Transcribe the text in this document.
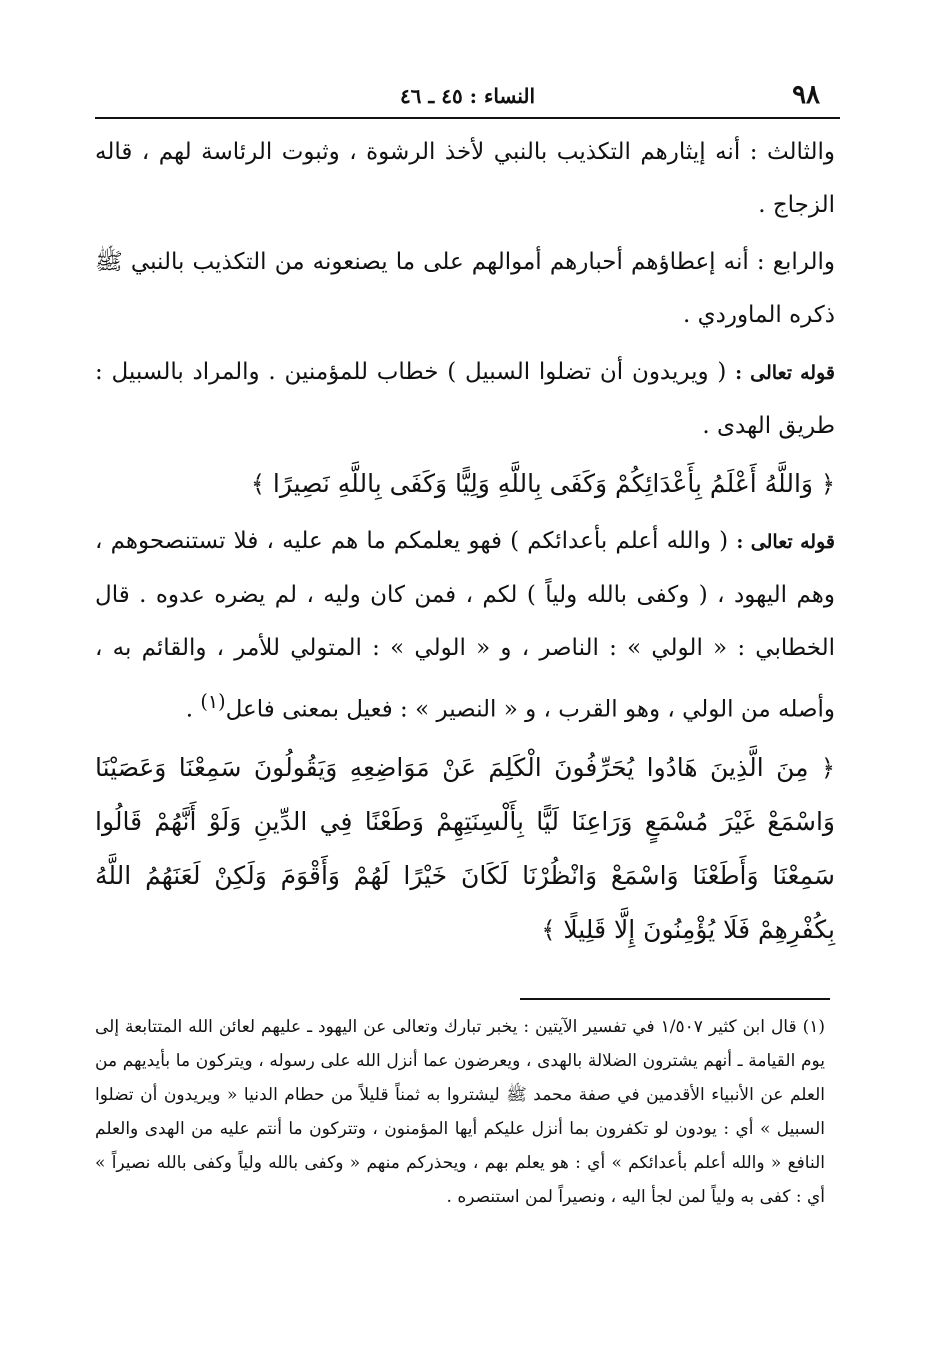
٩٨
النساء : ٤٥ ـ ٤٦

والثالث : أنه إيثارهم التكذيب بالنبي لأخذ الرشوة ، وثبوت الرئاسة لهم ، قاله الزجاج .

والرابع : أنه إعطاؤهم أحبارهم أموالهم على ما يصنعونه من التكذيب بالنبي ﷺ ذكره الماوردي .

قوله تعالى : ( ويريدون أن تضلوا السبيل ) خطاب للمؤمنين . والمراد بالسبيل : طريق الهدى .

﴿ وَاللَّهُ أَعْلَمُ بِأَعْدَائِكُمْ وَكَفَى بِاللَّهِ وَلِيًّا وَكَفَى بِاللَّهِ نَصِيرًا ﴾

قوله تعالى : ( والله أعلم بأعدائكم ) فهو يعلمكم ما هم عليه ، فلا تستنصحوهم ، وهم اليهود ، ( وكفى بالله ولياً ) لكم ، فمن كان وليه ، لم يضره عدوه . قال الخطابي : « الولي » : الناصر ، و « الولي » : المتولي للأمر ، والقائم به ، وأصله من الولي ، وهو القرب ، و « النصير » : فعيل بمعنى فاعل$^{(١)}$ .

﴿ مِنَ الَّذِينَ هَادُوا يُحَرِّفُونَ الْكَلِمَ عَنْ مَوَاضِعِهِ وَيَقُولُونَ سَمِعْنَا وَعَصَيْنَا وَاسْمَعْ غَيْرَ مُسْمَعٍ وَرَاعِنَا لَيًّا بِأَلْسِنَتِهِمْ وَطَعْنًا فِي الدِّينِ وَلَوْ أَنَّهُمْ قَالُوا سَمِعْنَا وَأَطَعْنَا وَاسْمَعْ وَانْظُرْنَا لَكَانَ خَيْرًا لَهُمْ وَأَقْوَمَ وَلَكِنْ لَعَنَهُمُ اللَّهُ بِكُفْرِهِمْ فَلَا يُؤْمِنُونَ إِلَّا قَلِيلًا ﴾

(١) قال ابن كثير ١/٥٠٧ في تفسير الآيتين : يخبر تبارك وتعالى عن اليهود ـ عليهم لعائن الله المتتابعة إلى يوم القيامة ـ أنهم يشترون الضلالة بالهدى ، ويعرضون عما أنزل الله على رسوله ، ويتركون ما بأيديهم من العلم عن الأنبياء الأقدمين في صفة محمد ﷺ ليشتروا به ثمناً قليلاً من حطام الدنيا « ويريدون أن تضلوا السبيل » أي : يودون لو تكفرون بما أنزل عليكم أيها المؤمنون ، وتتركون ما أنتم عليه من الهدى والعلم النافع « والله أعلم بأعدائكم » أي : هو يعلم بهم ، ويحذركم منهم « وكفى بالله ولياً وكفى بالله نصيراً » أي : كفى به ولياً لمن لجأ اليه ، ونصيراً لمن استنصره .
